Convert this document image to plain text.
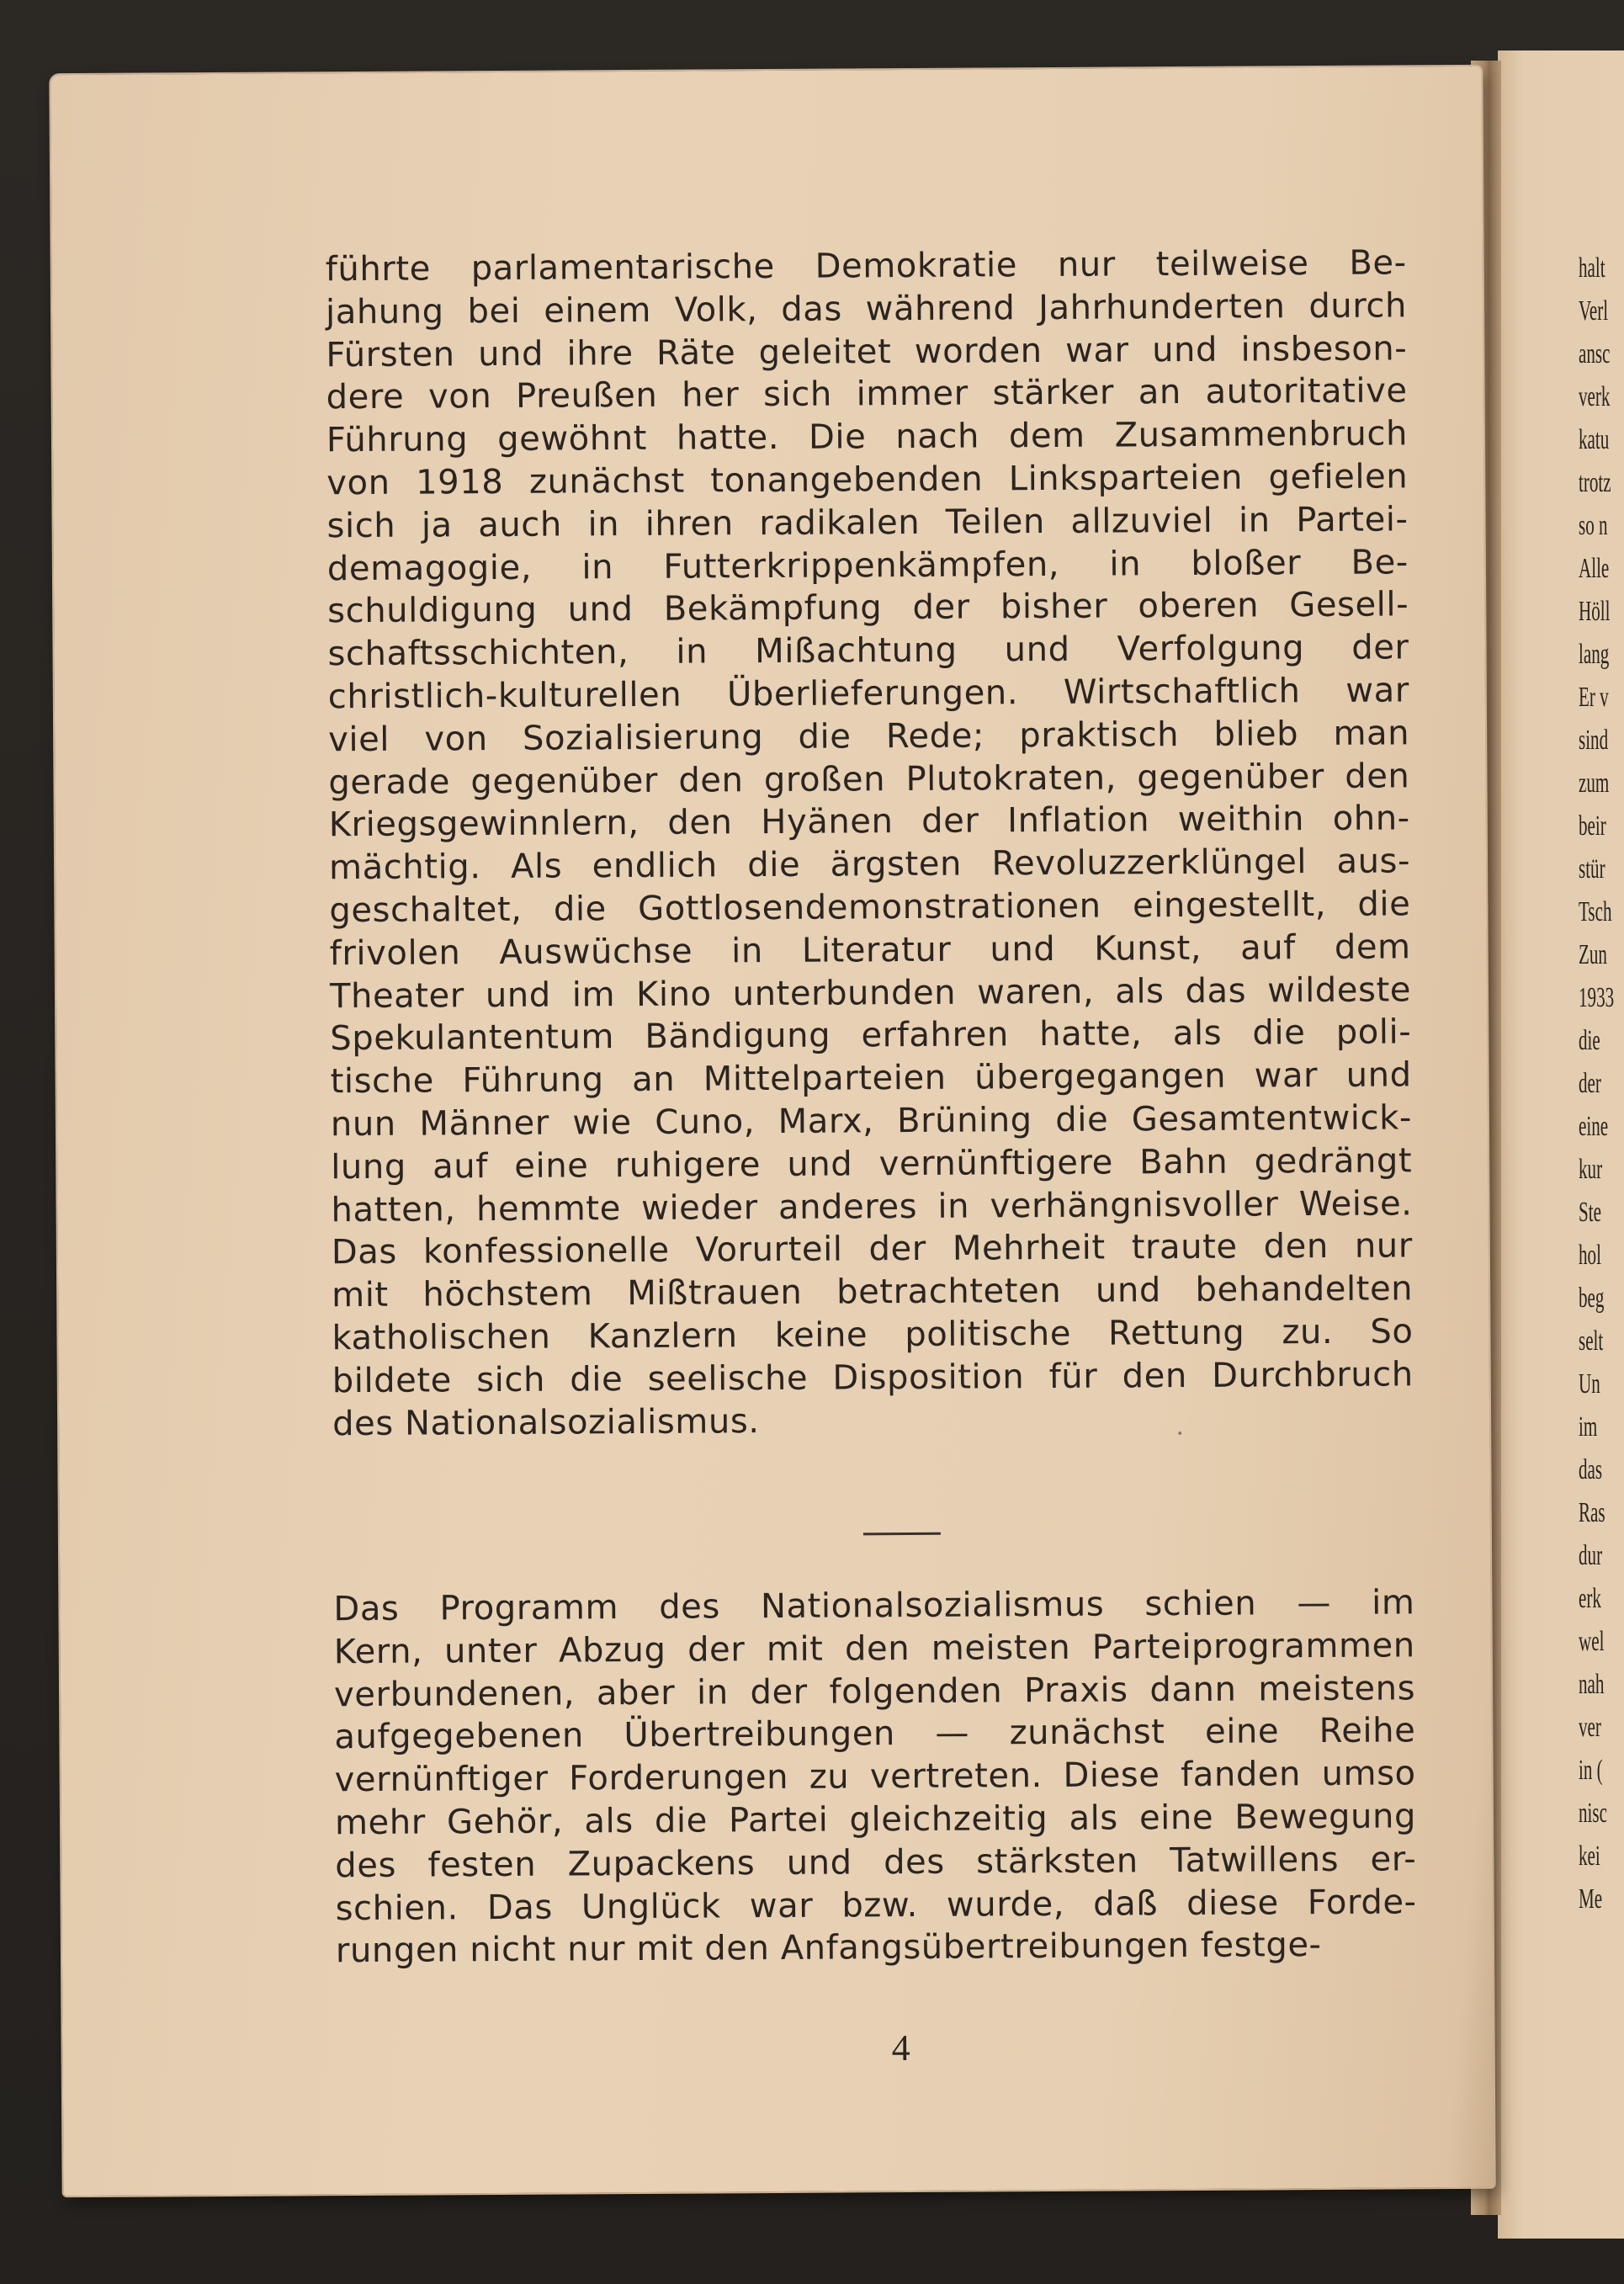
halt
Verl
ansc
verk
katu
trotz
so n
Alle
Höll
lang
Er v
sind
zum
beir
stür
Tsch
Zun
1933
die
der
eine
kur
Ste
hol
beg
selt
Un
im
das
Ras
dur
erk
wel
nah
ver
in (
nisc
kei
Me
führte parlamentarische Demokratie nur teilweise Be-
jahung bei einem Volk, das während Jahrhunderten durch
Fürsten und ihre Räte geleitet worden war und insbeson-
dere von Preußen her sich immer stärker an autoritative
Führung gewöhnt hatte. Die nach dem Zusammenbruch
von 1918 zunächst tonangebenden Linksparteien gefielen
sich ja auch in ihren radikalen Teilen allzuviel in Partei-
demagogie, in Futterkrippenkämpfen, in bloßer Be-
schuldigung und Bekämpfung der bisher oberen Gesell-
schaftsschichten, in Mißachtung und Verfolgung der
christlich-kulturellen Überlieferungen. Wirtschaftlich war
viel von Sozialisierung die Rede; praktisch blieb man
gerade gegenüber den großen Plutokraten, gegenüber den
Kriegsgewinnlern, den Hyänen der Inflation weithin ohn-
mächtig. Als endlich die ärgsten Revoluzzerklüngel aus-
geschaltet, die Gottlosendemonstrationen eingestellt, die
frivolen Auswüchse in Literatur und Kunst, auf dem
Theater und im Kino unterbunden waren, als das wildeste
Spekulantentum Bändigung erfahren hatte, als die poli-
tische Führung an Mittelparteien übergegangen war und
nun Männer wie Cuno, Marx, Brüning die Gesamtentwick-
lung auf eine ruhigere und vernünftigere Bahn gedrängt
hatten, hemmte wieder anderes in verhängnisvoller Weise.
Das konfessionelle Vorurteil der Mehrheit traute den nur
mit höchstem Mißtrauen betrachteten und behandelten
katholischen Kanzlern keine politische Rettung zu. So
bildete sich die seelische Disposition für den Durchbruch
des Nationalsozialismus.
Das Programm des Nationalsozialismus schien — im
Kern, unter Abzug der mit den meisten Parteiprogrammen
verbundenen, aber in der folgenden Praxis dann meistens
aufgegebenen Übertreibungen — zunächst eine Reihe
vernünftiger Forderungen zu vertreten. Diese fanden umso
mehr Gehör, als die Partei gleichzeitig als eine Bewegung
des festen Zupackens und des stärksten Tatwillens er-
schien. Das Unglück war bzw. wurde, daß diese Forde-
rungen nicht nur mit den Anfangsübertreibungen festge-
4
